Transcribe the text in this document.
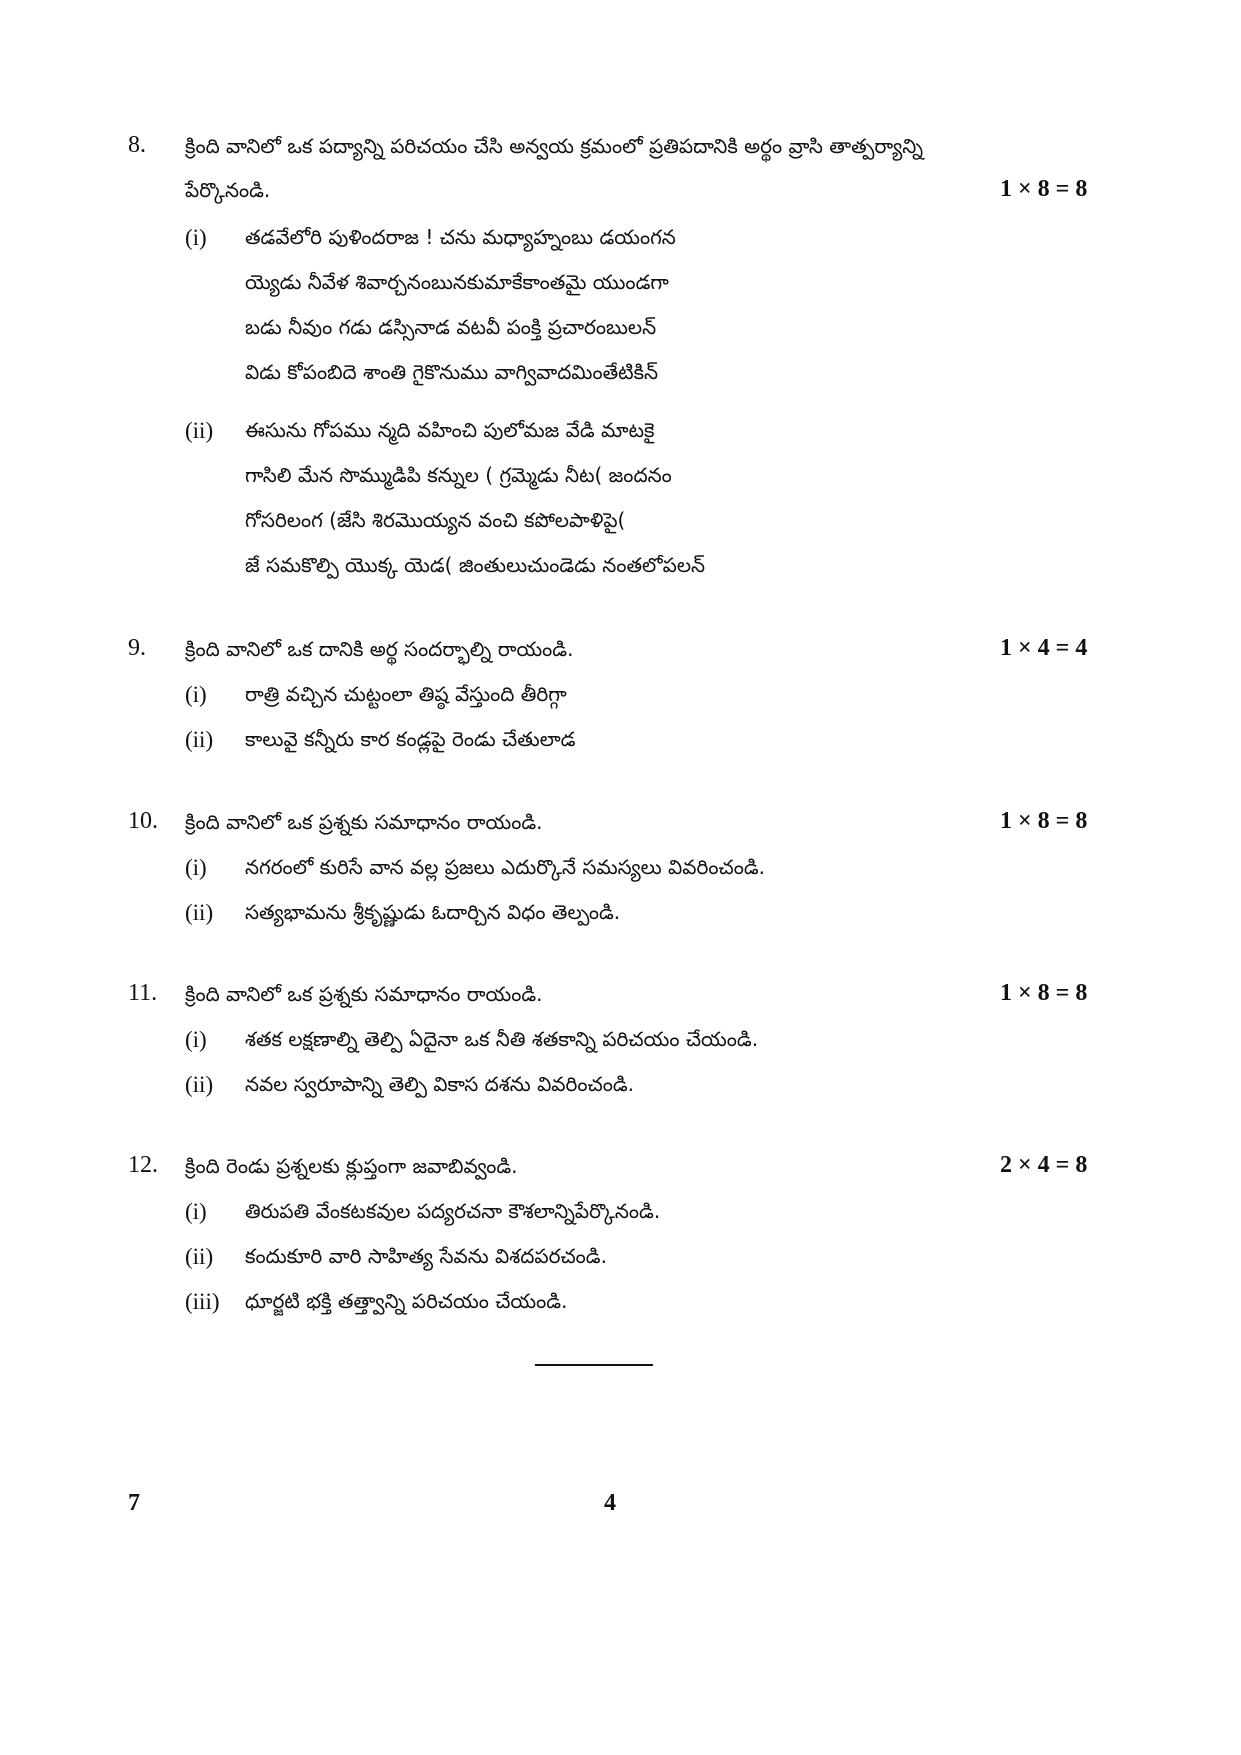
8. క్రింది వానిలో ఒక పద్యాన్ని పరిచయం చేసి అన్వయ క్రమంలో ప్రతిపదానికి అర్థం వ్రాసి తాత్పర్యాన్ని
పేర్కొనండి.	1 × 8 = 8
(i) తడవేలోరి పుళిందరాజ ! చను మధ్యాహ్నంబు డయంగన
య్యెడు నీవేళ శివార్చనంబునకుమాకేకాంతమై యుండగా
బడు నీవుం గడు డస్సినాడ వటవీ పంక్తి ప్రచారంబులన్
విడు కోపంబిదె శాంతి గైకొనుము వాగ్వివాదమింతేటికిన్
(ii) ఈసును గోపము న్మది వహించి పులోమజ వేడి మాటకై
గాసిలి మేన సొమ్ముడిపి కన్నుల ( గ్రమ్మెడు నీట( జందనం
గోసరిలంగ (జేసి శిరమొయ్యన వంచి కపోలపాళిపై(
జే సమకొల్పి యొక్క యెడ( జింతులుచుండెడు నంతలోపలన్
9. క్రింది వానిలో ఒక దానికి అర్థ సందర్భాల్ని రాయండి.	1 × 4 = 4
(i) రాత్రి వచ్చిన చుట్టంలా తిష్ఠ వేస్తుంది తీరిగ్గా
(ii) కాలువై కన్నీరు కార కండ్లపై రెండు చేతులాడ
10. క్రింది వానిలో ఒక ప్రశ్నకు సమాధానం రాయండి.	1 × 8 = 8
(i) నగరంలో కురిసే వాన వల్ల ప్రజలు ఎదుర్కొనే సమస్యలు వివరించండి.
(ii) సత్యభామను శ్రీకృష్ణుడు ఓదార్చిన విధం తెల్పండి.
11. క్రింది వానిలో ఒక ప్రశ్నకు సమాధానం రాయండి.	1 × 8 = 8
(i) శతక లక్షణాల్ని తెల్పి ఏదైనా ఒక నీతి శతకాన్ని పరిచయం చేయండి.
(ii) నవల స్వరూపాన్ని తెల్పి వికాస దశను వివరించండి.
12. క్రింది రెండు ప్రశ్నలకు క్లుప్తంగా జవాబివ్వండి.	2 × 4 = 8
(i) తిరుపతి వేంకటకవుల పద్యరచనా కౌశలాన్నిపేర్కొనండి.
(ii) కందుకూరి వారి సాహిత్య సేవను విశదపరచండి.
(iii) ధూర్జటి భక్తి తత్త్వాన్ని పరిచయం చేయండి.
7	4
